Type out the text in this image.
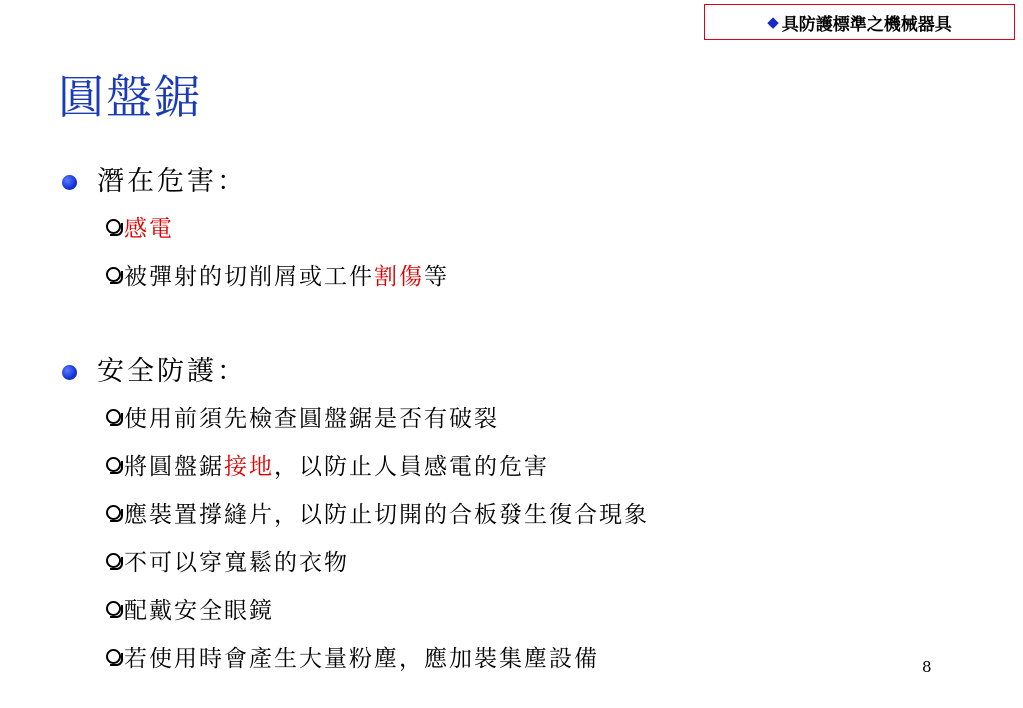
◆ 具防護標準之機械器具
圓盤鋸
潛在危害：
感電
被彈射的切削屑或工件 割傷 等
安全防護：
使用前須先檢查圓盤鋸是否有破裂
將圓盤鋸 接地 ，以防止人員感電的危害
應裝置撐縫片，以防止切開的合板發生復合現象
不可以穿寬鬆的衣物
配戴安全眼鏡
若使用時會產生大量粉塵，應加裝集塵設備	8
